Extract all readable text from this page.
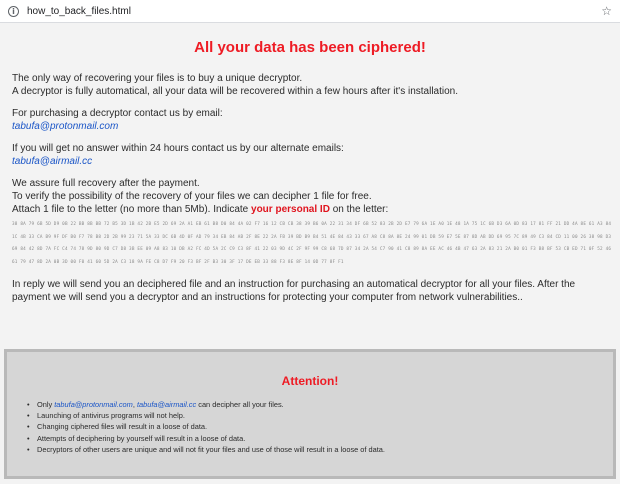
i	how_to_back_files.html	☆
All your data has been ciphered!
The only way of recovering your files is to buy a unique decryptor.
A decryptor is fully automatical, all your data will be recovered within a few hours after it's installation.
For purchasing a decryptor contact us by email:
tabufa@protonmail.com
If you will get no answer within 24 hours contact us by our alternate emails:
tabufa@airmail.cc
We assure full recovery after the payment.
To verify the possibility of the recovery of your files we can decipher 1 file for free.
Attach 1 file to the letter (no more than 5Mb). Indicate your personal ID on the letter:
38 8A 79 6B 5D D9 0B 22 BB 8B BB 72 B5 3D 1B 42 2B E5 2D 69 2A A1 EB 61 B8 D0 84 4A 02 F7 16 12 CB CB 38 39 B6 0A 22 31 34 DF 6B 52 83 2B 2D E7 79 6A 1E A0 1E 48 1A 75 1C 6B D3 6A 0D 83 17 81 FF 21 DD 4A 8E 61 A3 84 1C 4B 33 CA B9 9F DF B0 F7 78 B8 2D 2B 99 23 71 5A 33 DC 6B 4D 0F AD 79 34 EB 84 AB 2F 8E 22 2A FB 39 BD B9 B4 51 4E 84 43 33 67 A8 C8 8A 8E 24 99 01 DB 59 E7 5E 87 8D AB DD 69 95 7C 89 49 C3 84 CD 11 00 26 38 98 D3 69 84 42 8D 7A FC C4 74 78 9D 80 9D C7 D8 3B EE 09 A8 83 10 DB A2 FC 4D 5A 2C C9 C3 8F 41 22 03 9D 4C 2F 9F 99 C8 68 7D 87 34 2A 54 C7 90 41 C8 89 8A EE AC 46 4B 47 63 2A 83 21 2A B0 01 F3 B8 BF 53 CB ED 71 0F 52 46 61 79 47 8D 2A 0B 3D 00 F0 41 60 5D 2A C3 18 9A FE C8 D7 F9 20 F3 BF 2F B3 30 3F 17 DE EB 33 88 F3 8E 8F 14 0D 77 8F F1
In reply we will send you an deciphered file and an instruction for purchasing an automatical decryptor for all your files. After the payment we will send you a decryptor and an instructions for protecting your computer from network vulnerabilities..
Attention!
• Only tabufa@protonmail.com, tabufa@airmail.cc can decipher all your files.
• Launching of antivirus programs will not help.
• Changing ciphered files will result in a loose of data.
• Attempts of deciphering by yourself will result in a loose of data.
• Decryptors of other users are unique and will not fit your files and use of those will result in a loose of data.
